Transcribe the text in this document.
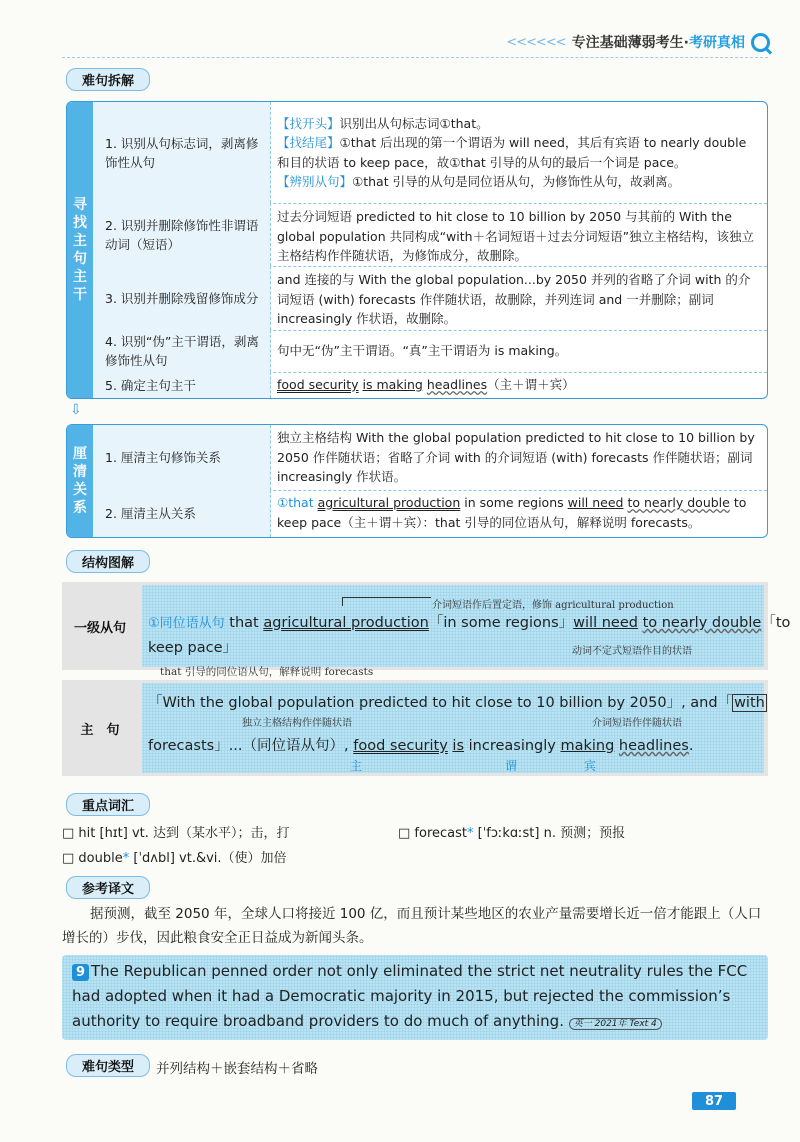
<<<<<< 专注基础薄弱考生· 考研真相
难句拆解
寻
找
主
句
主
干
1. 识别从句标志词，剥离修饰性从句
【找开头】识别出从句标志词①that。
【找结尾】①that 后出现的第一个谓语为 will need，其后有宾语 to nearly double 和目的状语 to keep pace，故①that 引导的从句的最后一个词是 pace。
【辨别从句】①that 引导的从句是同位语从句，为修饰性从句，故剥离。
2. 识别并删除修饰性非谓语动词（短语）
过去分词短语 predicted to hit close to 10 billion by 2050 与其前的 With the global population 共同构成“with＋名词短语＋过去分词短语”独立主格结构，该独立主格结构作伴随状语，为修饰成分，故删除。
3. 识别并删除残留修饰成分
and 连接的与 With the global population...by 2050 并列的省略了介词 with 的介词短语 (with) forecasts 作伴随状语，故删除，并列连词 and 一并删除；副词 increasingly 作状语，故删除。
4. 识别“伪”主干谓语，剥离修饰性从句
句中无“伪”主干谓语。“真”主干谓语为 is making。
5. 确定主句主干	food security is making headlines（主＋谓＋宾）
⇩
厘
清
关
系
1. 厘清主句修饰关系
独立主格结构 With the global population predicted to hit close to 10 billion by 2050 作伴随状语；省略了介词 with 的介词短语 (with) forecasts 作伴随状语；副词 increasingly 作状语。
2. 厘清主从关系
①that agricultural production in some regions will need to nearly double to keep pace（主＋谓＋宾）：that 引导的同位语从句，解释说明 forecasts。
结构图解
一级从句
介词短语作后置定语，修饰 agricultural production
①同位语从句 that agricultural production「in some regions」will need to nearly double「to
keep pace」	动词不定式短语作目的状语
that 引导的同位语从句，解释说明 forecasts
主　句
「With the global population predicted to hit close to 10 billion by 2050」, and「 with
独立主格结构作伴随状语	介词短语作伴随状语
forecasts」...（同位语从句）, food security is increasingly making headlines.
主	谓	宾
重点词汇
□ hit [hɪt] vt. 达到（某水平）；击，打	□ forecast* [ˈfɔːkɑːst] n. 预测；预报
□ double* [ˈdʌbl] vt.&vi.（使）加倍
参考译文
据预测，截至 2050 年，全球人口将接近 100 亿，而且预计某些地区的农业产量需要增长近一倍才能跟上（人口增长的）步伐，因此粮食安全正日益成为新闻头条。
9 The Republican penned order not only eliminated the strict net neutrality rules the FCC had adopted when it had a Democratic majority in 2015, but rejected the commission’s authority to require broadband providers to do much of anything. 英一 2021年 Text 4
难句类型	并列结构＋嵌套结构＋省略
87
